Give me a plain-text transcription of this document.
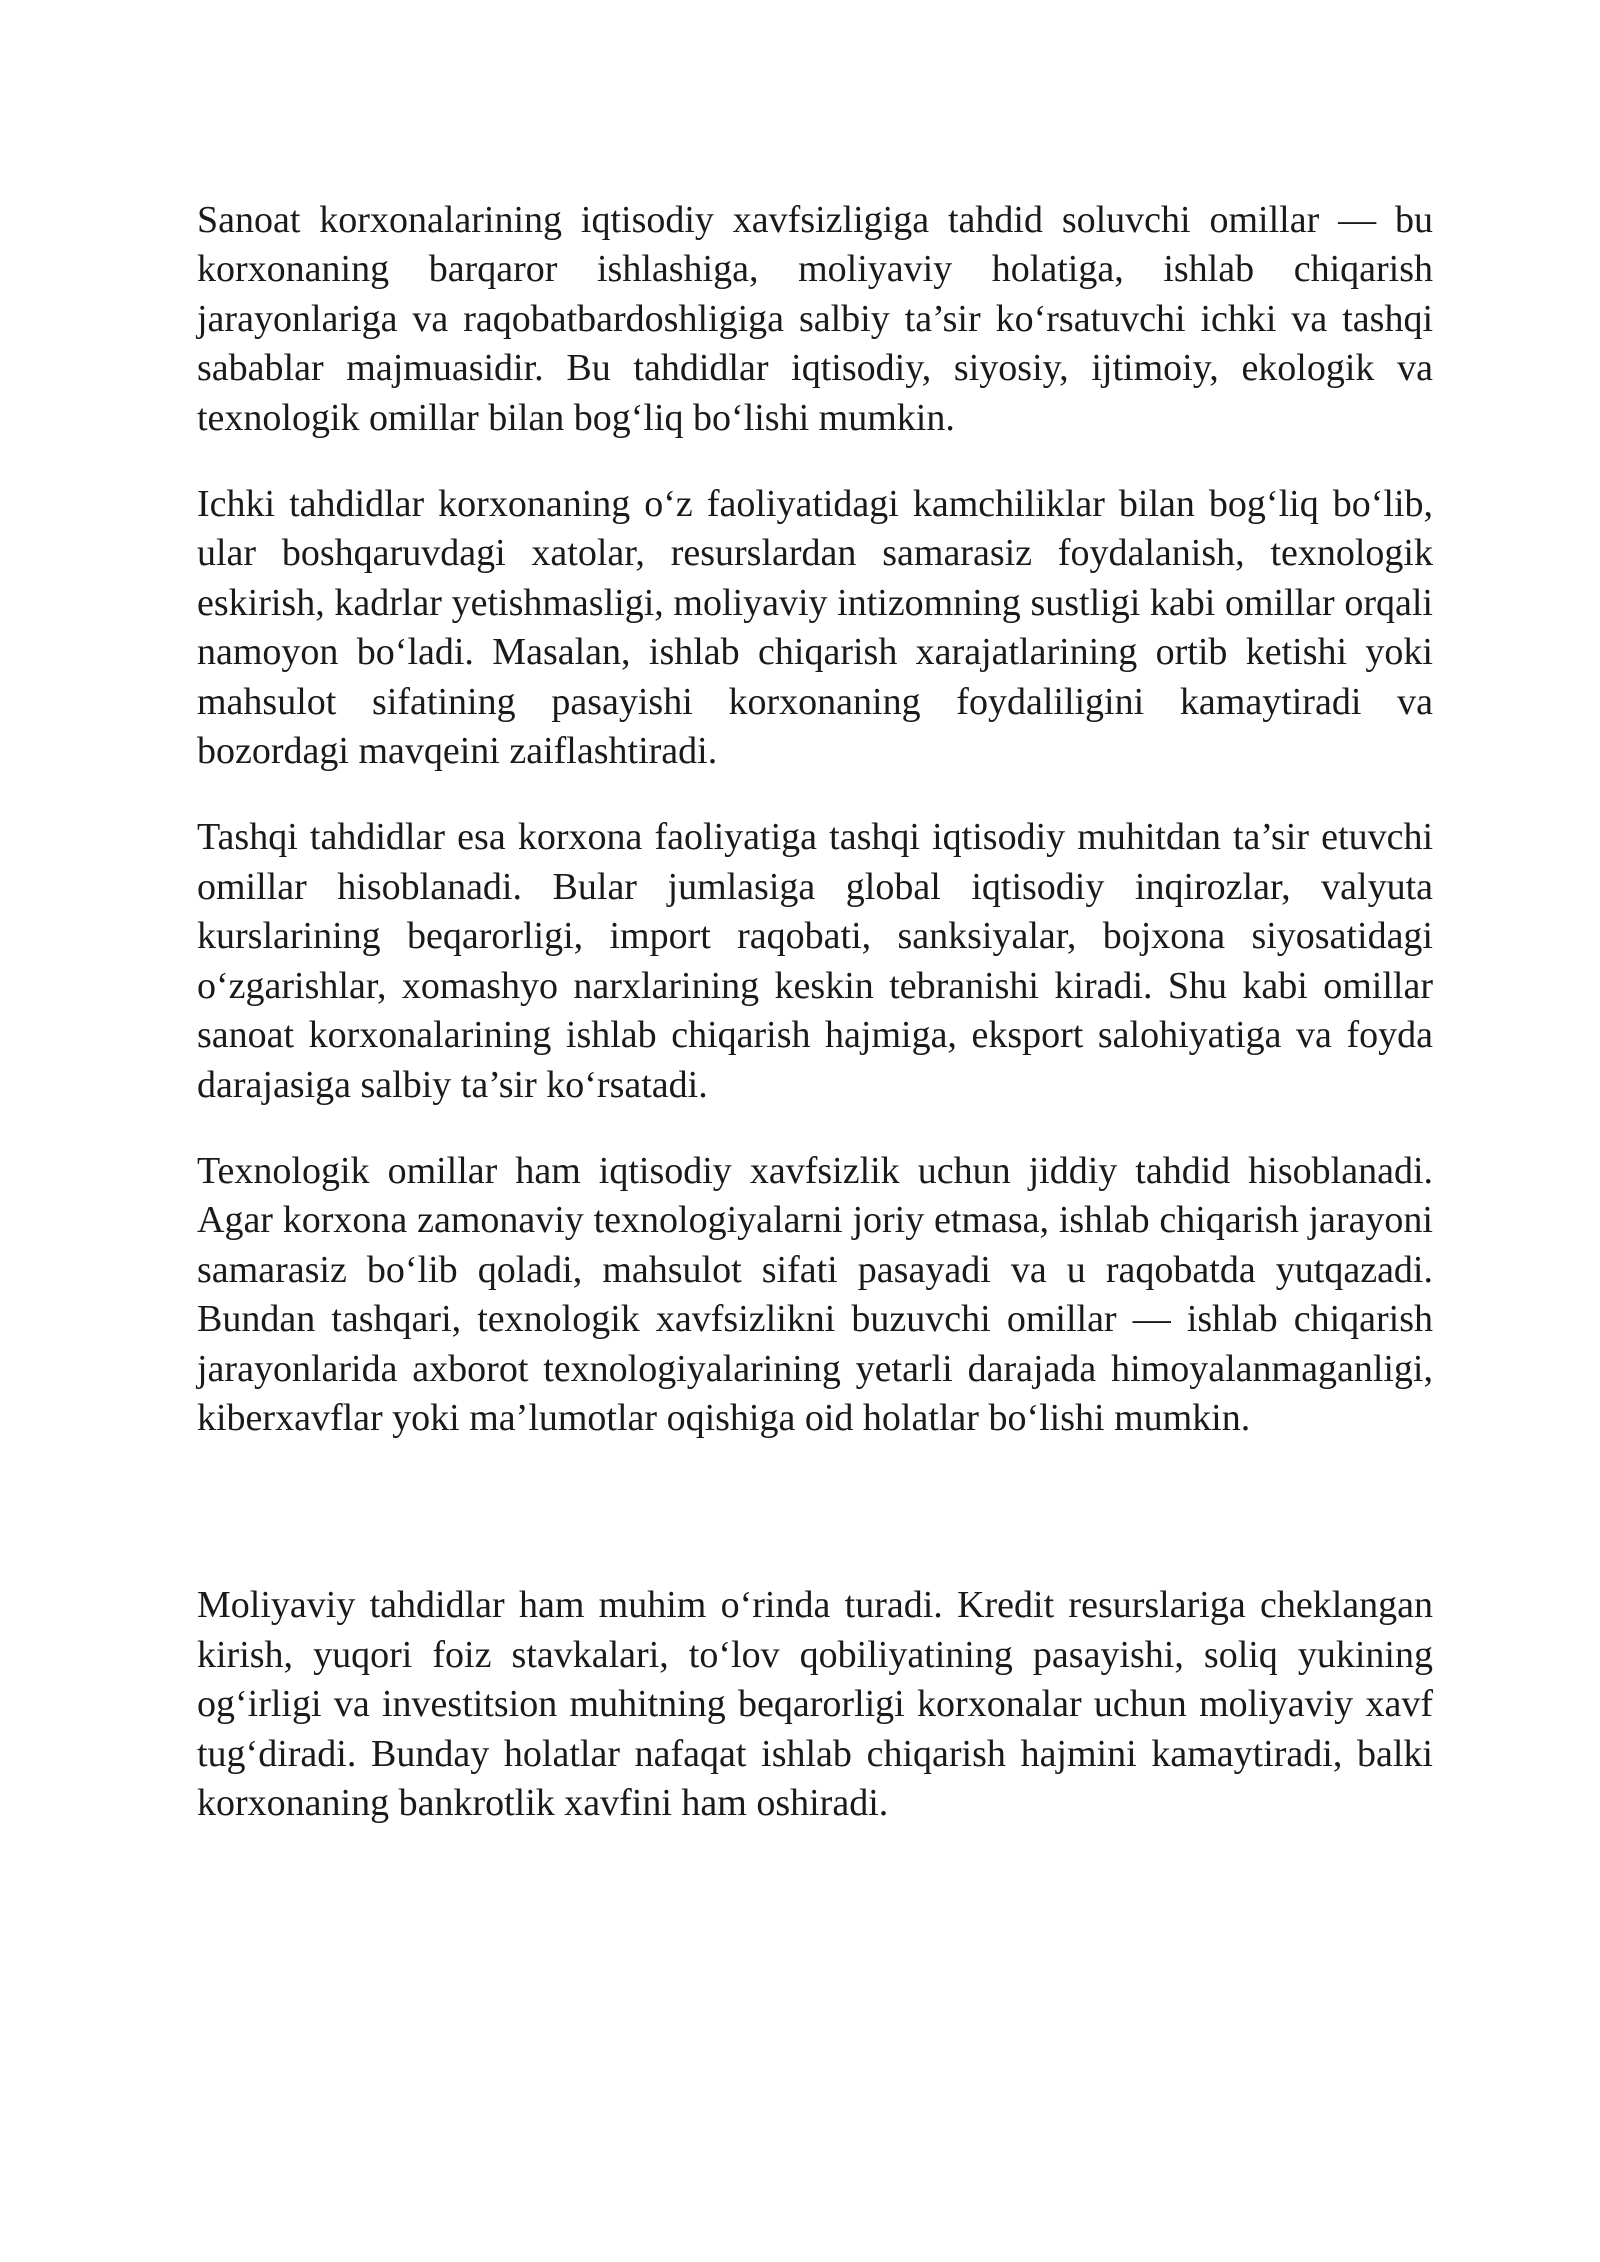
Sanoat korxonalarining iqtisodiy xavfsizligiga tahdid soluvchi omillar — bu korxonaning barqaror ishlashiga, moliyaviy holatiga, ishlab chiqarish jarayonlariga va raqobatbardoshligiga salbiy ta’sir ko‘rsatuvchi ichki va tashqi sabablar majmuasidir. Bu tahdidlar iqtisodiy, siyosiy, ijtimoiy, ekologik va texnologik omillar bilan bog‘liq bo‘lishi mumkin.

Ichki tahdidlar korxonaning o‘z faoliyatidagi kamchiliklar bilan bog‘liq bo‘lib, ular boshqaruvdagi xatolar, resurslardan samarasiz foydalanish, texnologik eskirish, kadrlar yetishmasligi, moliyaviy intizomning sustligi kabi omillar orqali namoyon bo‘ladi. Masalan, ishlab chiqarish xarajatlarining ortib ketishi yoki mahsulot sifatining pasayishi korxonaning foydaliligini kamaytiradi va bozordagi mavqeini zaiflashtiradi.

Tashqi tahdidlar esa korxona faoliyatiga tashqi iqtisodiy muhitdan ta’sir etuvchi omillar hisoblanadi. Bular jumlasiga global iqtisodiy inqirozlar, valyuta kurslarining beqarorligi, import raqobati, sanksiyalar, bojxona siyosatidagi o‘zgarishlar, xomashyo narxlarining keskin tebranishi kiradi. Shu kabi omillar sanoat korxonalarining ishlab chiqarish hajmiga, eksport salohiyatiga va foyda darajasiga salbiy ta’sir ko‘rsatadi.

Texnologik omillar ham iqtisodiy xavfsizlik uchun jiddiy tahdid hisoblanadi. Agar korxona zamonaviy texnologiyalarni joriy etmasa, ishlab chiqarish jarayoni samarasiz bo‘lib qoladi, mahsulot sifati pasayadi va u raqobatda yutqazadi. Bundan tashqari, texnologik xavfsizlikni buzuvchi omillar — ishlab chiqarish jarayonlarida axborot texnologiyalarining yetarli darajada himoyalanmaganligi, kiberxavflar yoki ma’lumotlar oqishiga oid holatlar bo‘lishi mumkin.

Moliyaviy tahdidlar ham muhim o‘rinda turadi. Kredit resurslariga cheklangan kirish, yuqori foiz stavkalari, to‘lov qobiliyatining pasayishi, soliq yukining og‘irligi va investitsion muhitning beqarorligi korxonalar uchun moliyaviy xavf tug‘diradi. Bunday holatlar nafaqat ishlab chiqarish hajmini kamaytiradi, balki korxonaning bankrotlik xavfini ham oshiradi.
